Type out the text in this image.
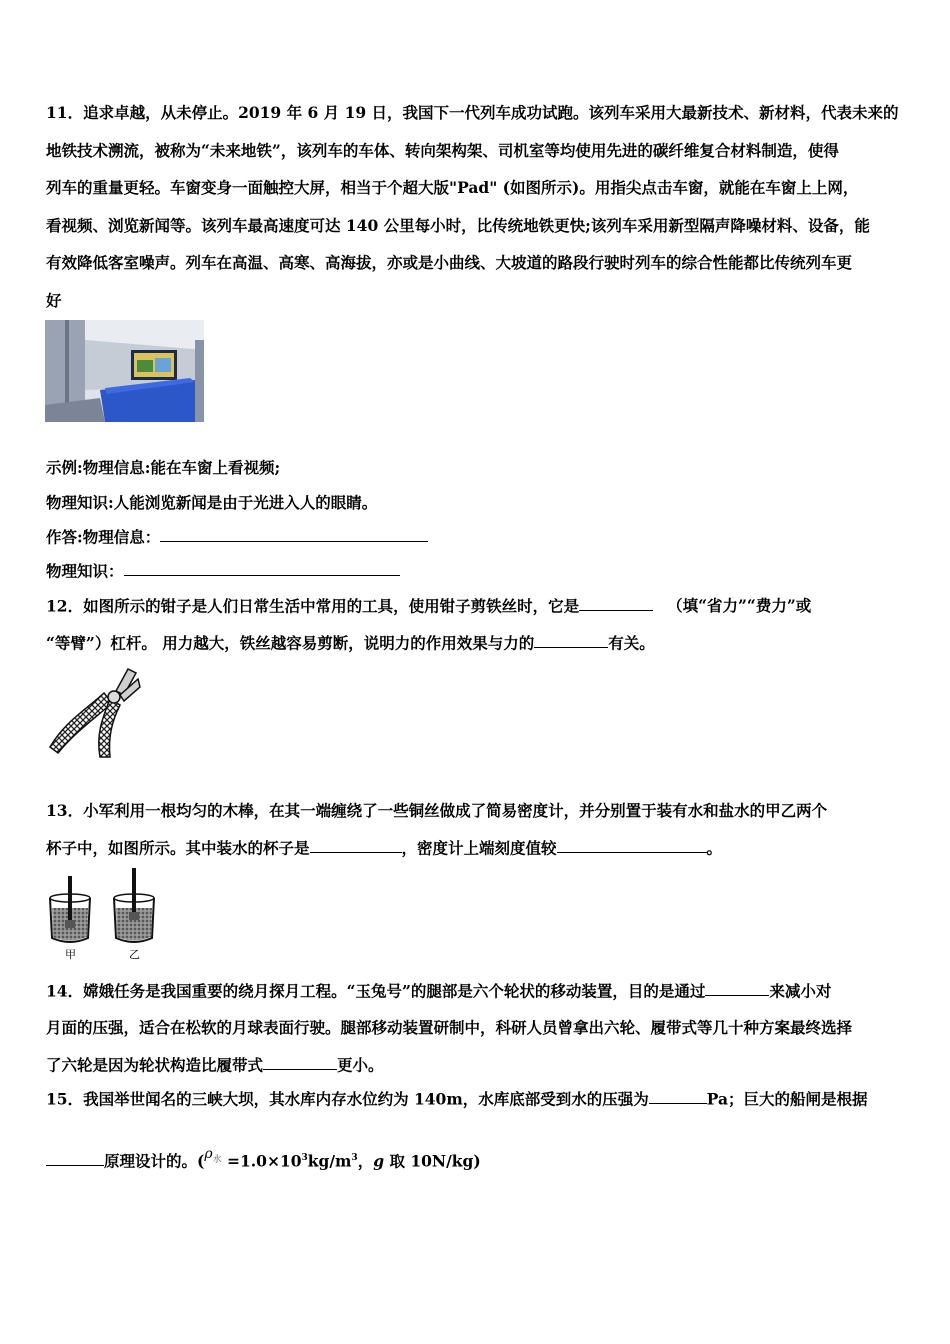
11．追求卓越，从未停止。2019 年 6 月 19 日，我国下一代列车成功试跑。该列车采用大最新技术、新材料，代表未来的

地铁技术溯流，被称为“未来地铁”，该列车的车体、转向架构架、司机室等均使用先进的碳纤维复合材料制造，使得

列车的重量更轻。车窗变身一面触控大屏，相当于个超大版"Pad" (如图所示)。用指尖点击车窗，就能在车窗上上网，

看视频、浏览新闻等。该列车最高速度可达 140 公里每小时，比传统地铁更快;该列车采用新型隔声降噪材料、设备，能

有效降低客室噪声。列车在高温、高寒、高海拔，亦或是小曲线、大坡道的路段行驶时列车的综合性能都比传统列车更

好

示例:物理信息:能在车窗上看视频;
物理知识:人能浏览新闻是由于光进入人的眼睛。
作答:物理信息：
物理知识：
12．如图所示的钳子是人们日常生活中常用的工具，使用钳子剪铁丝时，它是	（填“省力”“费力”或
“等臂”）杠杆。 用力越大，铁丝越容易剪断，说明力的作用效果与力的	有关。
13．小军利用一根均匀的木棒，在其一端缠绕了一些铜丝做成了简易密度计，并分别置于装有水和盐水的甲乙两个
杯子中，如图所示。其中装水的杯子是	，密度计上端刻度值较	。
甲	乙
14．嫦娥任务是我国重要的绕月探月工程。“玉兔号”的腿部是六个轮状的移动装置，目的是通过	来减小对
月面的压强，适合在松软的月球表面行驶。腿部移动装置研制中，科研人员曾拿出六轮、履带式等几十种方案最终选择
了六轮是因为轮状构造比履带式	更小。
15．我国举世闻名的三峡大坝，其水库内存水位约为 140m，水库底部受到水的压强为	Pa；巨大的船闸是根据
原理设计的。($\rho^水 =1.0\times 10^3kg/m^3$，g 取 10N/kg)
